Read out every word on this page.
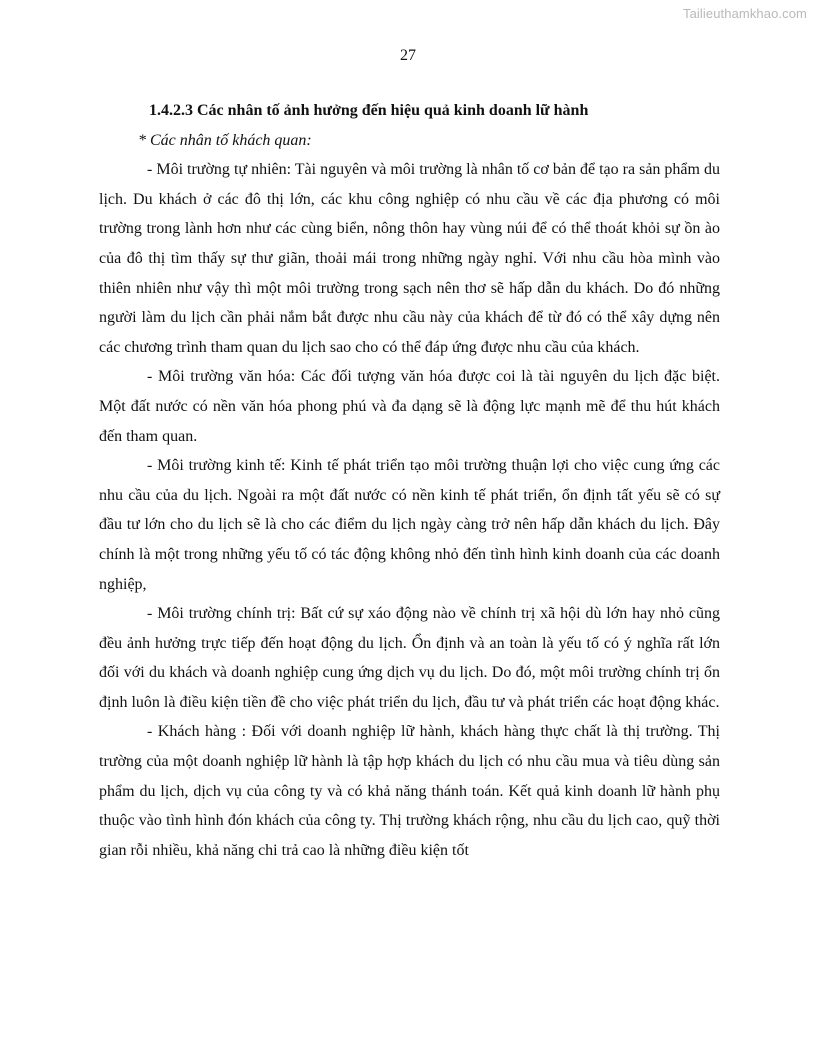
Tailieuthamkhao.com
27

1.4.2.3 Các nhân tố ảnh hưởng đến hiệu quả kinh doanh lữ hành

* Các nhân tố khách quan:

- Môi trường tự nhiên: Tài nguyên và môi trường là nhân tố cơ bản để tạo ra sản phẩm du lịch. Du khách ở các đô thị lớn, các khu công nghiệp có nhu cầu về các địa phương có môi trường trong lành hơn như các cùng biển, nông thôn hay vùng núi để có thể thoát khỏi sự ồn ào của đô thị tìm thấy sự thư giãn, thoải mái trong những ngày nghỉ. Với nhu cầu hòa mình vào thiên nhiên như vậy thì một môi trường trong sạch nên thơ sẽ hấp dẫn du khách. Do đó những người làm du lịch cần phải nắm bắt được nhu cầu này của khách để từ đó có thể xây dựng nên các chương trình tham quan du lịch sao cho có thể đáp ứng được nhu cầu của khách.

- Môi trường văn hóa: Các đối tượng văn hóa được coi là tài nguyên du lịch đặc biệt. Một đất nước có nền văn hóa phong phú và đa dạng sẽ là động lực mạnh mẽ để thu hút khách đến tham quan.

- Môi trường kinh tế: Kinh tế phát triển tạo môi trường thuận lợi cho việc cung ứng các nhu cầu của du lịch. Ngoài ra một đất nước có nền kinh tế phát triển, ổn định tất yếu sẽ có sự đầu tư lớn cho du lịch sẽ là cho các điểm du lịch ngày càng trở nên hấp dẫn khách du lịch. Đây chính là một trong những yếu tố có tác động không nhỏ đến tình hình kinh doanh của các doanh nghiệp,

- Môi trường chính trị: Bất cứ sự xáo động nào về chính trị xã hội dù lớn hay nhỏ cũng đều ảnh hưởng trực tiếp đến hoạt động du lịch. Ổn định và an toàn là yếu tố có ý nghĩa rất lớn đối với du khách và doanh nghiệp cung ứng dịch vụ du lịch. Do đó, một môi trường chính trị ổn định luôn là điều kiện tiền đề cho việc phát triển du lịch, đầu tư và phát triển các hoạt động khác.

- Khách hàng : Đối với doanh nghiệp lữ hành, khách hàng thực chất là thị trường. Thị trường của một doanh nghiệp lữ hành là tập hợp khách du lịch có nhu cầu mua và tiêu dùng sản phẩm du lịch, dịch vụ của công ty và có khả năng thánh toán. Kết quả kinh doanh lữ hành phụ thuộc vào tình hình đón khách của công ty. Thị trường khách rộng, nhu cầu du lịch cao, quỹ thời gian rỗi nhiều, khả năng chi trả cao là những điều kiện tốt
